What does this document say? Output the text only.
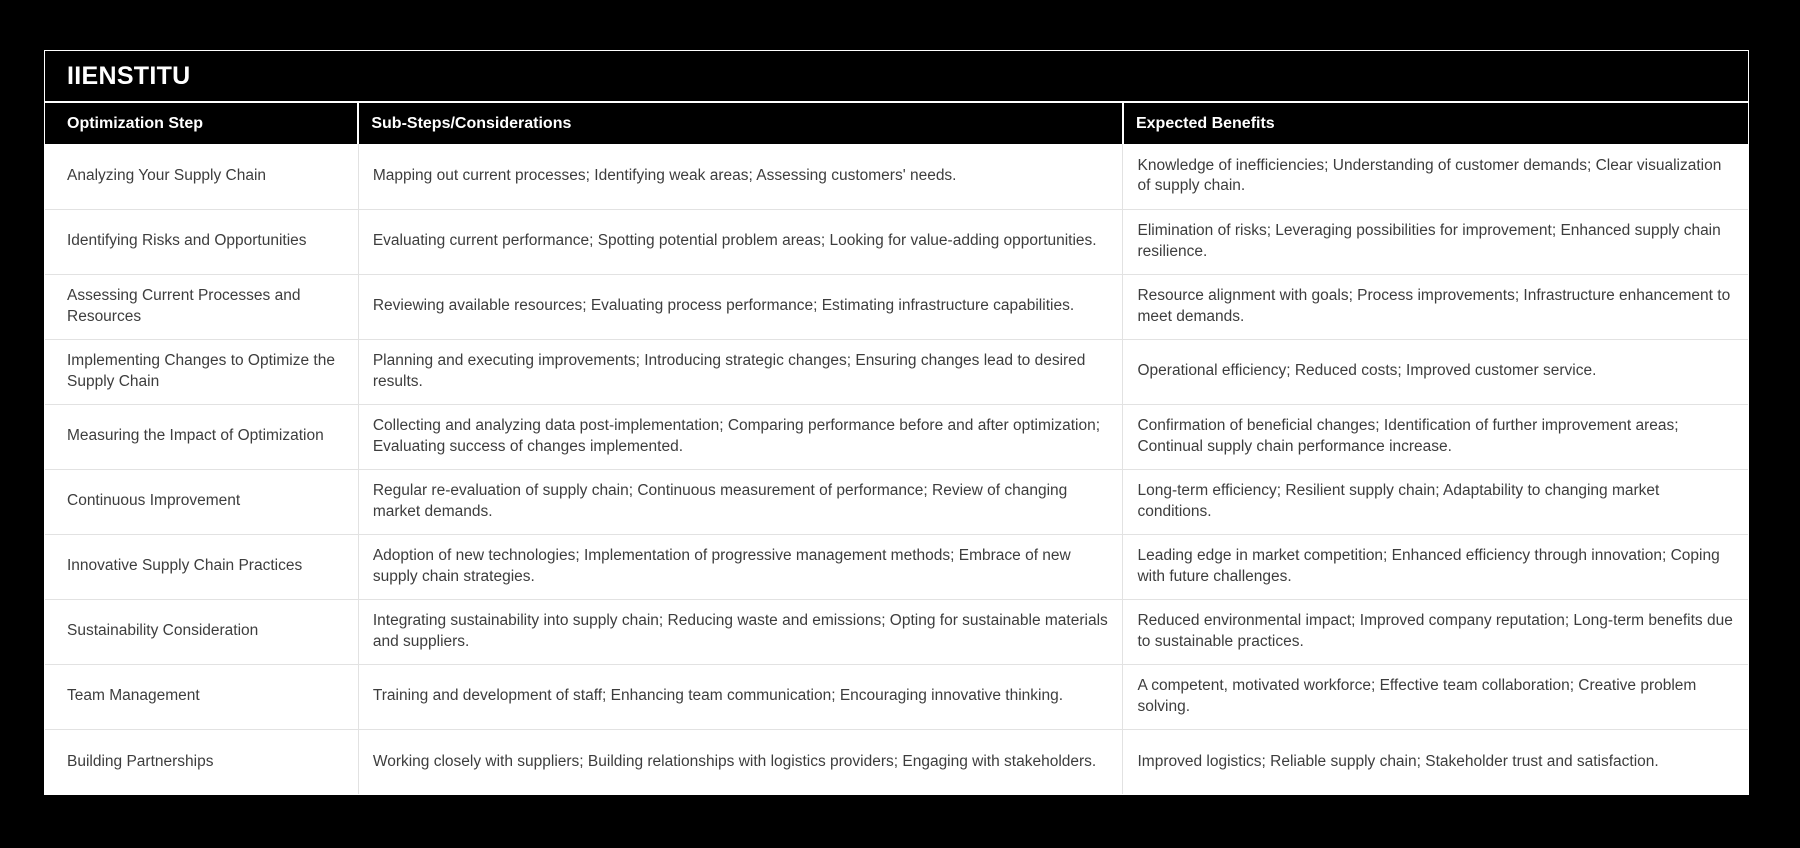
IIENSTITU
Optimization Step	Sub-Steps/Considerations	Expected Benefits
Analyzing Your Supply Chain	Mapping out current processes; Identifying weak areas; Assessing customers' needs.	Knowledge of inefficiencies; Understanding of customer demands; Clear visualization of supply chain.
Identifying Risks and Opportunities	Evaluating current performance; Spotting potential problem areas; Looking for value-adding opportunities.	Elimination of risks; Leveraging possibilities for improvement; Enhanced supply chain resilience.
Assessing Current Processes and Resources	Reviewing available resources; Evaluating process performance; Estimating infrastructure capabilities.	Resource alignment with goals; Process improvements; Infrastructure enhancement to meet demands.
Implementing Changes to Optimize the Supply Chain	Planning and executing improvements; Introducing strategic changes; Ensuring changes lead to desired results.	Operational efficiency; Reduced costs; Improved customer service.
Measuring the Impact of Optimization	Collecting and analyzing data post-implementation; Comparing performance before and after optimization; Evaluating success of changes implemented.	Confirmation of beneficial changes; Identification of further improvement areas; Continual supply chain performance increase.
Continuous Improvement	Regular re-evaluation of supply chain; Continuous measurement of performance; Review of changing market demands.	Long-term efficiency; Resilient supply chain; Adaptability to changing market conditions.
Innovative Supply Chain Practices	Adoption of new technologies; Implementation of progressive management methods; Embrace of new supply chain strategies.	Leading edge in market competition; Enhanced efficiency through innovation; Coping with future challenges.
Sustainability Consideration	Integrating sustainability into supply chain; Reducing waste and emissions; Opting for sustainable materials and suppliers.	Reduced environmental impact; Improved company reputation; Long-term benefits due to sustainable practices.
Team Management	Training and development of staff; Enhancing team communication; Encouraging innovative thinking.	A competent, motivated workforce; Effective team collaboration; Creative problem solving.
Building Partnerships	Working closely with suppliers; Building relationships with logistics providers; Engaging with stakeholders.	Improved logistics; Reliable supply chain; Stakeholder trust and satisfaction.
